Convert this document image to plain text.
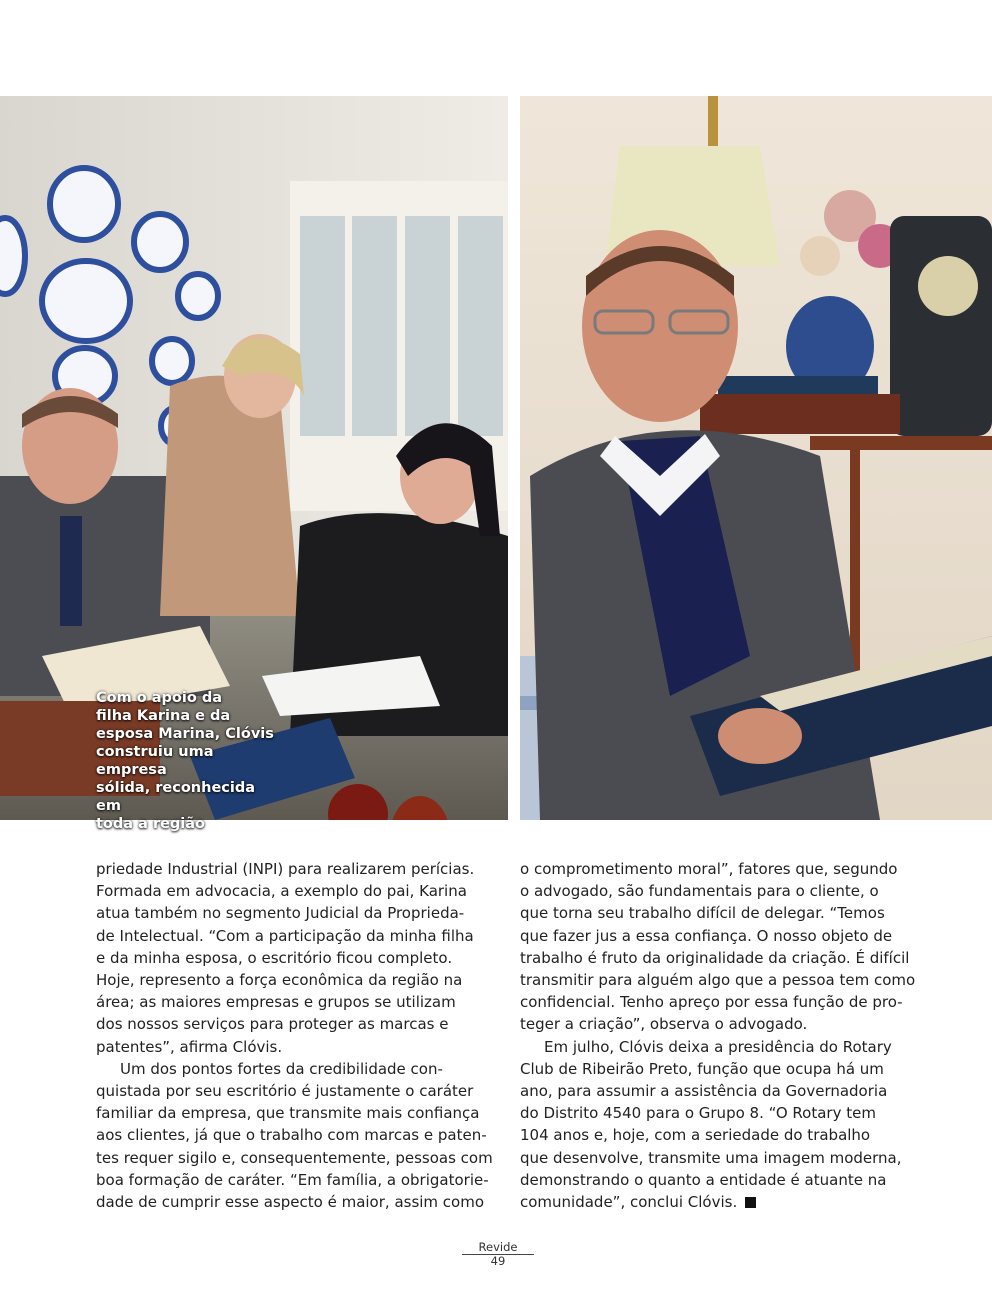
Com o apoio da
filha Karina e da
esposa Marina, Clóvis
construiu uma empresa
sólida, reconhecida em
toda a região
priedade Industrial (INPI) para realizarem perícias.
Formada em advocacia, a exemplo do pai, Karina
atua também no segmento Judicial da Proprieda-
de Intelectual. “Com a participação da minha filha
e da minha esposa, o escritório ficou completo.
Hoje, represento a força econômica da região na
área; as maiores empresas e grupos se utilizam
dos nossos serviços para proteger as marcas e
patentes”, afirma Clóvis.
Um dos pontos fortes da credibilidade con-
quistada por seu escritório é justamente o caráter
familiar da empresa, que transmite mais confiança
aos clientes, já que o trabalho com marcas e paten-
tes requer sigilo e, consequentemente, pessoas com
boa formação de caráter. “Em família, a obrigatorie-
dade de cumprir esse aspecto é maior, assim como
o comprometimento moral”, fatores que, segundo
o advogado, são fundamentais para o cliente, o
que torna seu trabalho difícil de delegar. “Temos
que fazer jus a essa confiança. O nosso objeto de
trabalho é fruto da originalidade da criação. É difícil
transmitir para alguém algo que a pessoa tem como
confidencial. Tenho apreço por essa função de pro-
teger a criação”, observa o advogado.
Em julho, Clóvis deixa a presidência do Rotary
Club de Ribeirão Preto, função que ocupa há um
ano, para assumir a assistência da Governadoria
do Distrito 4540 para o Grupo 8. “O Rotary tem
104 anos e, hoje, com a seriedade do trabalho
que desenvolve, transmite uma imagem moderna,
demonstrando o quanto a entidade é atuante na
comunidade”, conclui Clóvis.
Revide
49
